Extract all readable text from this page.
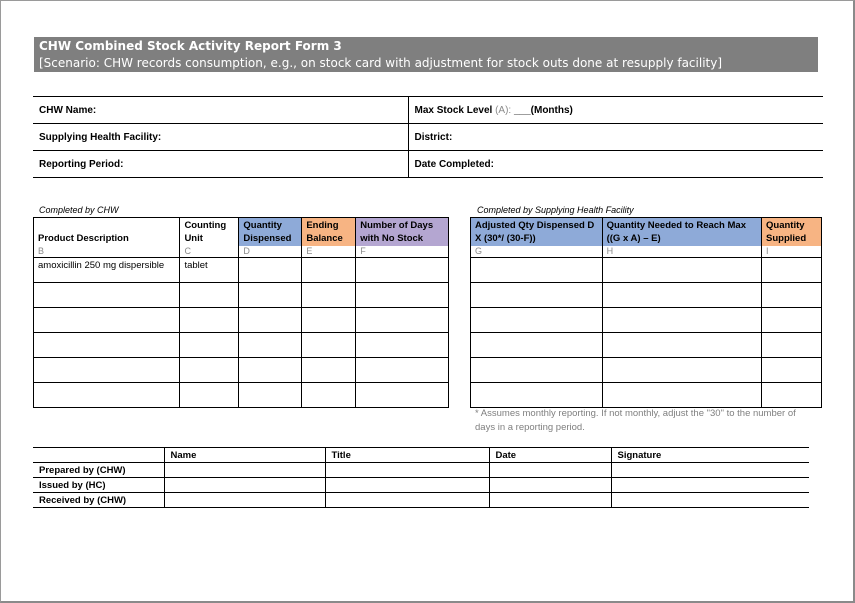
CHW Combined Stock Activity Report Form 3
[Scenario: CHW records consumption, e.g., on stock card with adjustment for stock outs done at resupply facility]
CHW Name:	Max Stock Level (A): ___(Months)
Supplying Health Facility:	District:
Reporting Period:	Date Completed:
Completed by CHW	Completed by Supplying Health Facility
Product Description	Counting Unit	Quantity Dispensed	Ending Balance	Number of Days with No Stock
B	C	D	E	F
amoxicillin 250 mg dispersible	tablet			

Adjusted Qty Dispensed D X (30*/ (30-F))	Quantity Needed to Reach Max ((G x A) – E)	Quantity Supplied
G	H	I

* Assumes monthly reporting. If not monthly, adjust the "30" to the number of days in a reporting period.
	Name	Title	Date	Signature
Prepared by (CHW)				
Issued by (HC)				
Received by (CHW)				
